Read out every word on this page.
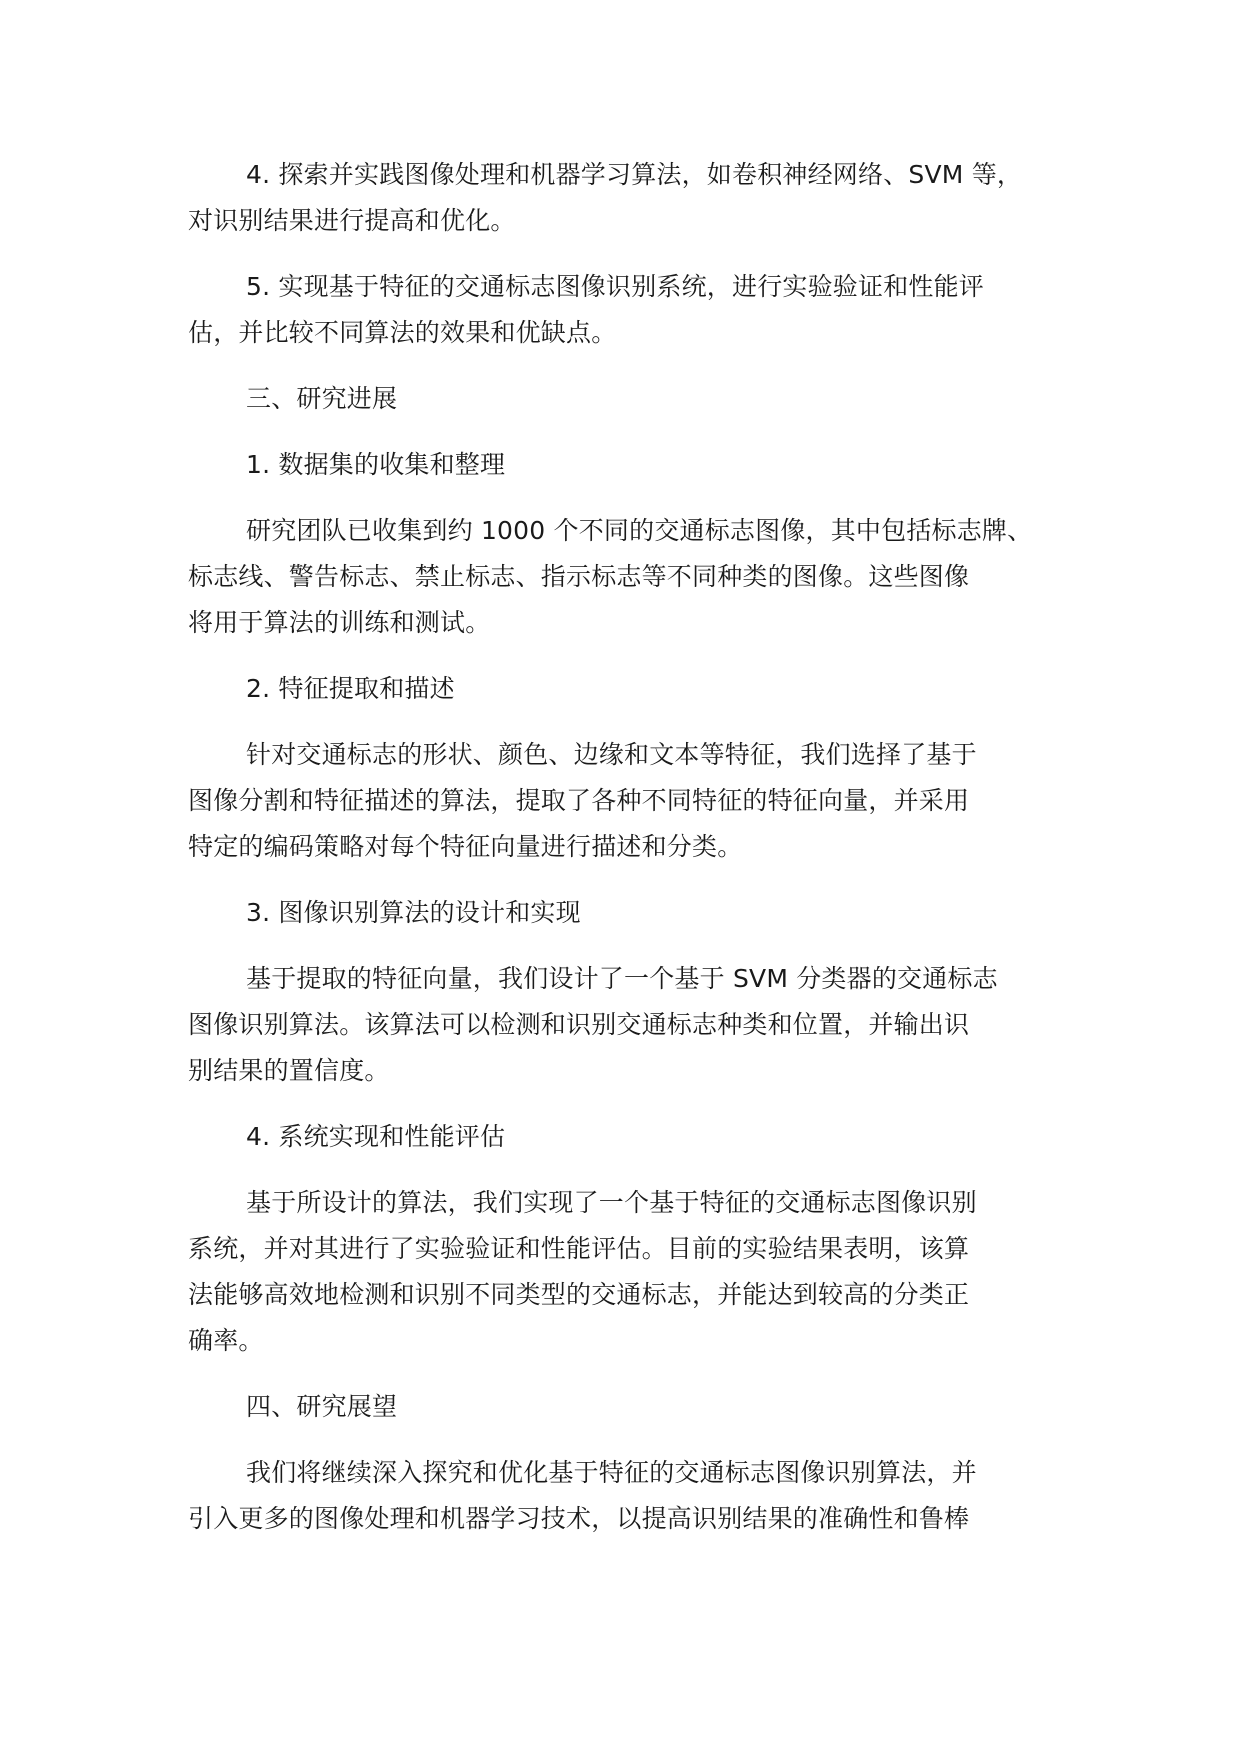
4. 探索并实践图像处理和机器学习算法，如卷积神经网络、SVM 等，
对识别结果进行提高和优化。
5. 实现基于特征的交通标志图像识别系统，进行实验验证和性能评
估，并比较不同算法的效果和优缺点。
三、研究进展
1. 数据集的收集和整理
研究团队已收集到约 1000 个不同的交通标志图像，其中包括标志牌、
标志线、警告标志、禁止标志、指示标志等不同种类的图像。这些图像
将用于算法的训练和测试。
2. 特征提取和描述
针对交通标志的形状、颜色、边缘和文本等特征，我们选择了基于
图像分割和特征描述的算法，提取了各种不同特征的特征向量，并采用
特定的编码策略对每个特征向量进行描述和分类。
3. 图像识别算法的设计和实现
基于提取的特征向量，我们设计了一个基于 SVM 分类器的交通标志
图像识别算法。该算法可以检测和识别交通标志种类和位置，并输出识
别结果的置信度。
4. 系统实现和性能评估
基于所设计的算法，我们实现了一个基于特征的交通标志图像识别
系统，并对其进行了实验验证和性能评估。目前的实验结果表明，该算
法能够高效地检测和识别不同类型的交通标志，并能达到较高的分类正
确率。
四、研究展望
我们将继续深入探究和优化基于特征的交通标志图像识别算法，并
引入更多的图像处理和机器学习技术，以提高识别结果的准确性和鲁棒
